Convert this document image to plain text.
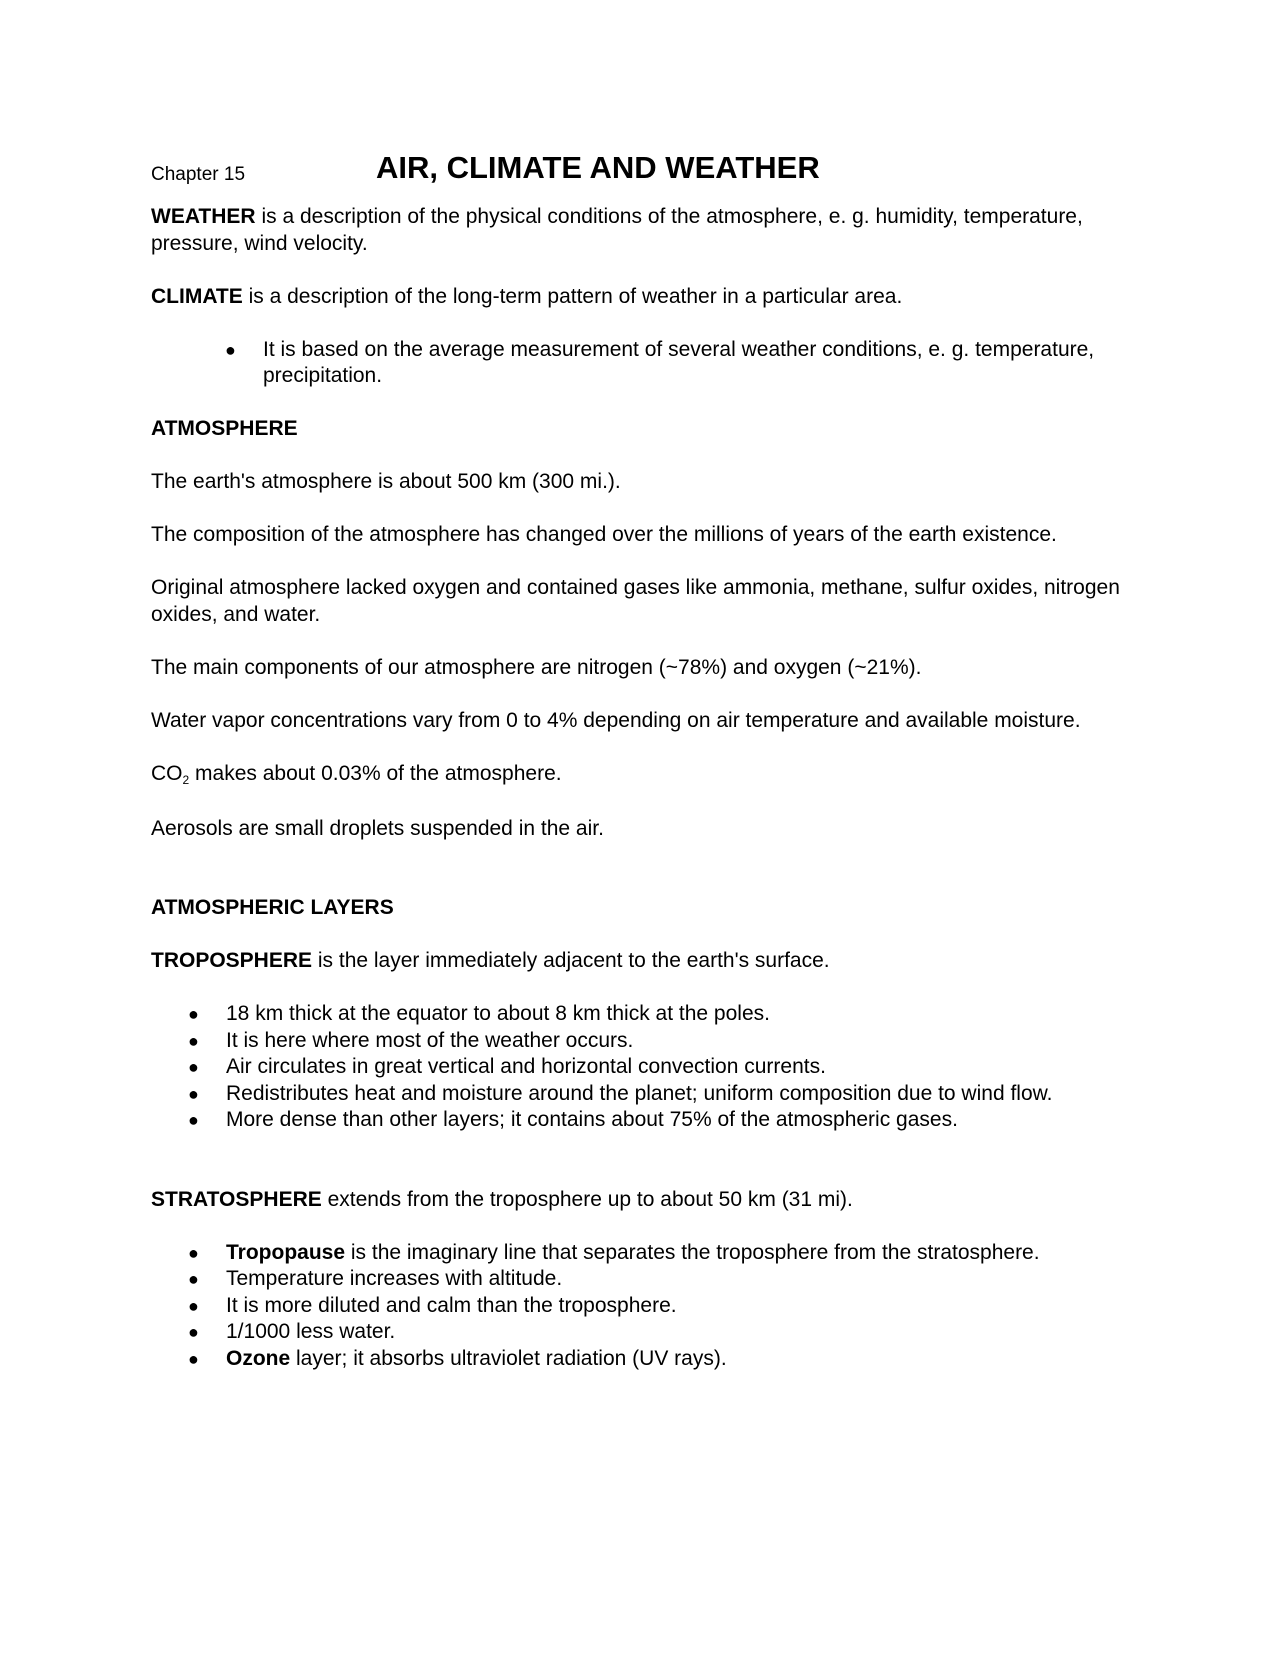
Chapter 15	AIR, CLIMATE AND WEATHER

WEATHER is a description of the physical conditions of the atmosphere, e. g. humidity, temperature, pressure, wind velocity.

CLIMATE is a description of the long-term pattern of weather in a particular area.

● It is based on the average measurement of several weather conditions, e. g. temperature, precipitation.
ATMOSPHERE

The earth's atmosphere is about 500 km (300 mi.).

The composition of the atmosphere has changed over the millions of years of the earth existence.

Original atmosphere lacked oxygen and contained gases like ammonia, methane, sulfur oxides, nitrogen oxides, and water.

The main components of our atmosphere are nitrogen (~78%) and oxygen (~21%).

Water vapor concentrations vary from 0 to 4% depending on air temperature and available moisture.

$CO_2$ makes about 0.03% of the atmosphere.

Aerosols are small droplets suspended in the air.

ATMOSPHERIC LAYERS

TROPOSPHERE is the layer immediately adjacent to the earth's surface.

● 18 km thick at the equator to about 8 km thick at the poles.
● It is here where most of the weather occurs.
● Air circulates in great vertical and horizontal convection currents.
● Redistributes heat and moisture around the planet; uniform composition due to wind flow.
● More dense than other layers; it contains about 75% of the atmospheric gases.

STRATOSPHERE extends from the troposphere up to about 50 km (31 mi).

● Tropopause is the imaginary line that separates the troposphere from the stratosphere.
● Temperature increases with altitude.
● It is more diluted and calm than the troposphere.
● 1/1000 less water.
● Ozone layer; it absorbs ultraviolet radiation (UV rays).
